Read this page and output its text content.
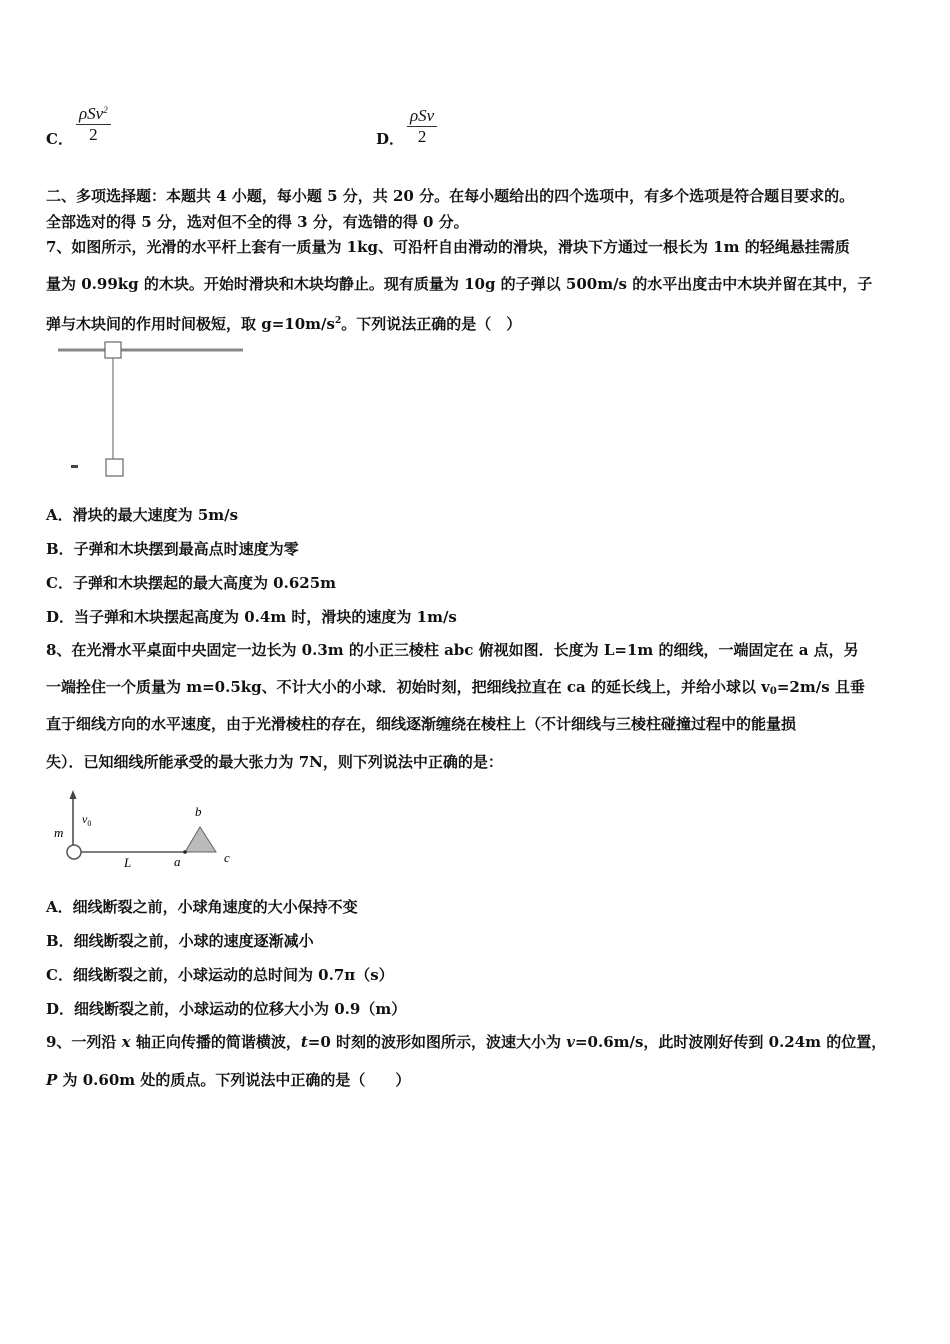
C．
ρSv$^2$
2	D．
ρSv
2
二、多项选择题：本题共 4 小题，每小题 5 分，共 20 分。在每小题给出的四个选项中，有多个选项是符合题目要求的。
全部选对的得 5 分，选对但不全的得 3 分，有选错的得 0 分。
7、如图所示，光滑的水平杆上套有一质量为 1kg、可沿杆自由滑动的滑块，滑块下方通过一根长为 1m 的轻绳悬挂需质
量为 0.99kg 的木块。开始时滑块和木块均静止。现有质量为 10g 的子弹以 500m/s 的水平出度击中木块并留在其中，子
弹与木块间的作用时间极短，取 $g=10m/s^2$。下列说法正确的是（　）
A．滑块的最大速度为 5m/s
B．子弹和木块摆到最高点时速度为零
C．子弹和木块摆起的最大高度为 0.625m
D．当子弹和木块摆起高度为 0.4m 时，滑块的速度为 1m/s
8、在光滑水平桌面中央固定一边长为 0.3m 的小正三棱柱 abc 俯视如图．长度为 L=1m 的细线，一端固定在 a 点，另
一端拴住一个质量为 m=0.5kg、不计大小的小球．初始时刻，把细线拉直在 ca 的延长线上，并给小球以 $v_0=2m/s$ 且垂
直于细线方向的水平速度，由于光滑棱柱的存在，细线逐渐缠绕在棱柱上（不计细线与三棱柱碰撞过程中的能量损
失）．已知细线所能承受的最大张力为 7N，则下列说法中正确的是：
m
$v_0$
L	a
b
c
A．细线断裂之前，小球角速度的大小保持不变
B．细线断裂之前，小球的速度逐渐减小
C．细线断裂之前，小球运动的总时间为 0.7π（s）
D．细线断裂之前，小球运动的位移大小为 0.9（m）
9、一列沿 x 轴正向传播的简谐横波，t=0 时刻的波形如图所示，波速大小为 v=0.6m/s，此时波刚好传到 0.24m 的位置，
P 为 0.60m 处的质点。下列说法中正确的是（　　）
